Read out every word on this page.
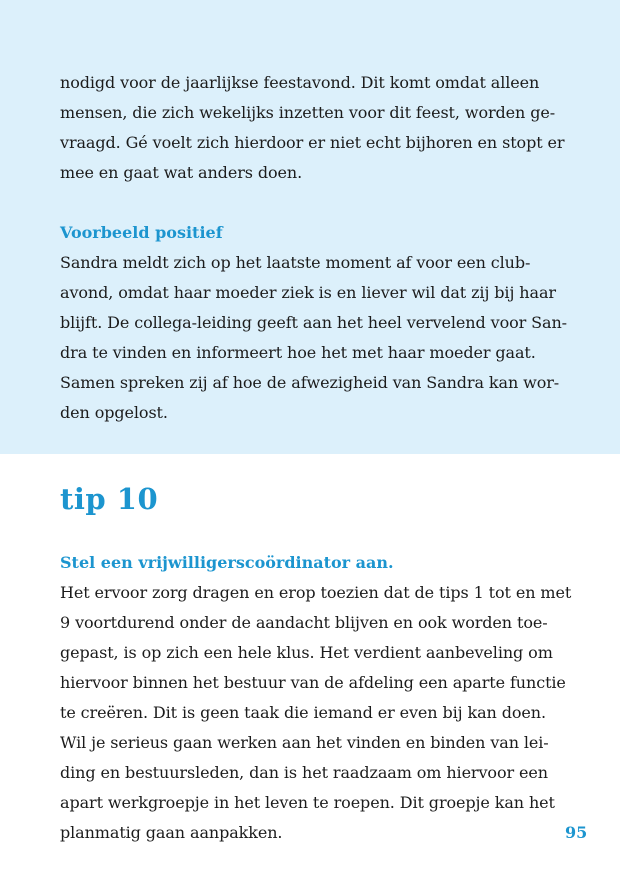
nodigd voor de jaarlijkse feestavond. Dit komt omdat alleen
mensen, die zich wekelijks inzetten voor dit feest, worden ge-
vraagd. Gé voelt zich hierdoor er niet echt bijhoren en stopt er
mee en gaat wat anders doen.
Voorbeeld positief
Sandra meldt zich op het laatste moment af voor een club-
avond, omdat haar moeder ziek is en liever wil dat zij bij haar
blijft. De collega-leiding geeft aan het heel vervelend voor San-
dra te vinden en informeert hoe het met haar moeder gaat.
Samen spreken zij af hoe de afwezigheid van Sandra kan wor-
den opgelost.
tip 10
Stel een vrijwilligerscoördinator aan.
Het ervoor zorg dragen en erop toezien dat de tips 1 tot en met
9 voortdurend onder de aandacht blijven en ook worden toe-
gepast, is op zich een hele klus. Het verdient aanbeveling om
hiervoor binnen het bestuur van de afdeling een aparte functie
te creëren. Dit is geen taak die iemand er even bij kan doen.
Wil je serieus gaan werken aan het vinden en binden van lei-
ding en bestuursleden, dan is het raadzaam om hiervoor een
apart werkgroepje in het leven te roepen. Dit groepje kan het
planmatig gaan aanpakken.	95
